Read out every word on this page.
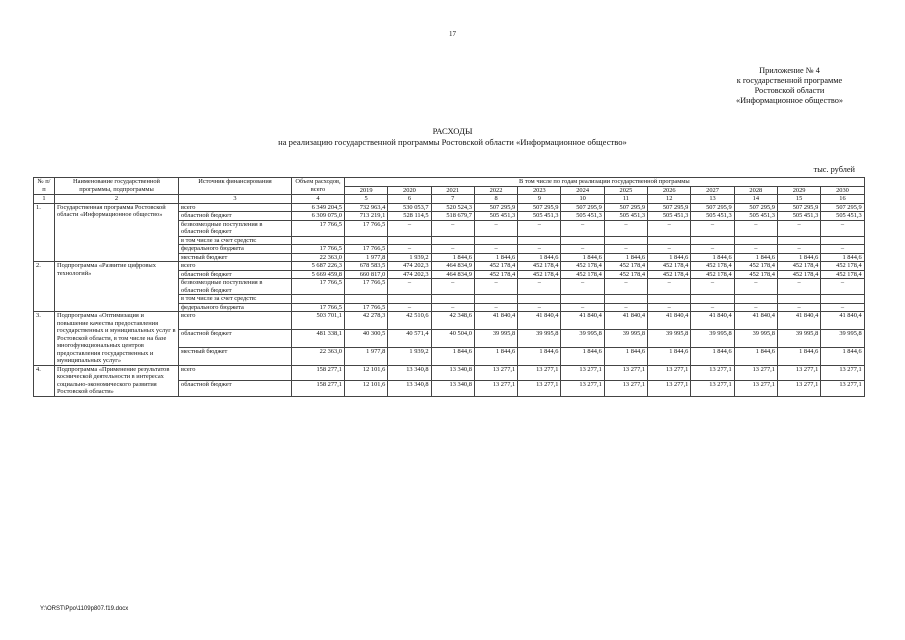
17
Приложение № 4
к государственной программе
Ростовской области
«Информационное общество»
РАСХОДЫ
на реализацию государственной программы Ростовской области «Информационное общество»
тыс. рублей
№ п/п	Наименование государственной программы, подпрограммы	Источник финансирования	Объем расходов, всего	В том числе по годам реализации государственной программы											
				2019	2020	2021	2022	2023	2024	2025	2026	2027	2028	2029	2030
1	2	3	4	5	6	7	8	9	10	11	12	13	14	15	16
1.	Государственная программа Ростовской области «Информационное общество»	всего	6 349 204,5	732 963,4	530 053,7	520 524,3	507 295,9	507 295,9	507 295,9	507 295,9	507 295,9	507 295,9	507 295,9	507 295,9	507 295,9
		областной бюджет	6 309 075,0	713 219,1	528 114,5	518 679,7	505 451,3	505 451,3	505 451,3	505 451,3	505 451,3	505 451,3	505 451,3	505 451,3	505 451,3
		безвозмездные поступления в областной бюджет	17 766,5	17 766,5	–	–	–	–	–	–	–	–	–	–	–
		в том числе за счет средств:													
		федерального бюджета	17 766,5	17 766,5	–	–	–	–	–	–	–	–	–	–	–
		местный бюджет	22 363,0	1 977,8	1 939,2	1 844,6	1 844,6	1 844,6	1 844,6	1 844,6	1 844,6	1 844,6	1 844,6	1 844,6	1 844,6
2.	Подпрограмма «Развитие цифровых технологий»	всего	5 687 226,3	678 583,5	474 202,3	464 834,9	452 178,4	452 178,4	452 178,4	452 178,4	452 178,4	452 178,4	452 178,4	452 178,4	452 178,4
		областной бюджет	5 669 459,8	660 817,0	474 202,3	464 834,9	452 178,4	452 178,4	452 178,4	452 178,4	452 178,4	452 178,4	452 178,4	452 178,4	452 178,4
		безвозмездные поступления в областной бюджет	17 766,5	17 766,5	–	–	–	–	–	–	–	–	–	–	–
		в том числе за счет средств:													
		федерального бюджета	17 766,5	17 766,5	–	–	–	–	–	–	–	–	–	–	–
3.	Подпрограмма «Оптимизация и повышение качества предоставления государственных и муниципальных услуг в Ростовской области, в том числе на базе многофункциональных центров предоставления государственных и муниципальных услуг»	всего	503 701,1	42 278,3	42 510,6	42 348,6	41 840,4	41 840,4	41 840,4	41 840,4	41 840,4	41 840,4	41 840,4	41 840,4	41 840,4
		областной бюджет	481 338,1	40 300,5	40 571,4	40 504,0	39 995,8	39 995,8	39 995,8	39 995,8	39 995,8	39 995,8	39 995,8	39 995,8	39 995,8
		местный бюджет	22 363,0	1 977,8	1 939,2	1 844,6	1 844,6	1 844,6	1 844,6	1 844,6	1 844,6	1 844,6	1 844,6	1 844,6	1 844,6
4.	Подпрограмма «Применение результатов космической деятельности в интересах социально-экономического развития Ростовской области»	всего	158 277,1	12 101,6	13 340,8	13 340,8	13 277,1	13 277,1	13 277,1	13 277,1	13 277,1	13 277,1	13 277,1	13 277,1	13 277,1
		областной бюджет	158 277,1	12 101,6	13 340,8	13 340,8	13 277,1	13 277,1	13 277,1	13 277,1	13 277,1	13 277,1	13 277,1	13 277,1	13 277,1
Y:\ORST\Ppo\1109p807.f19.docx
